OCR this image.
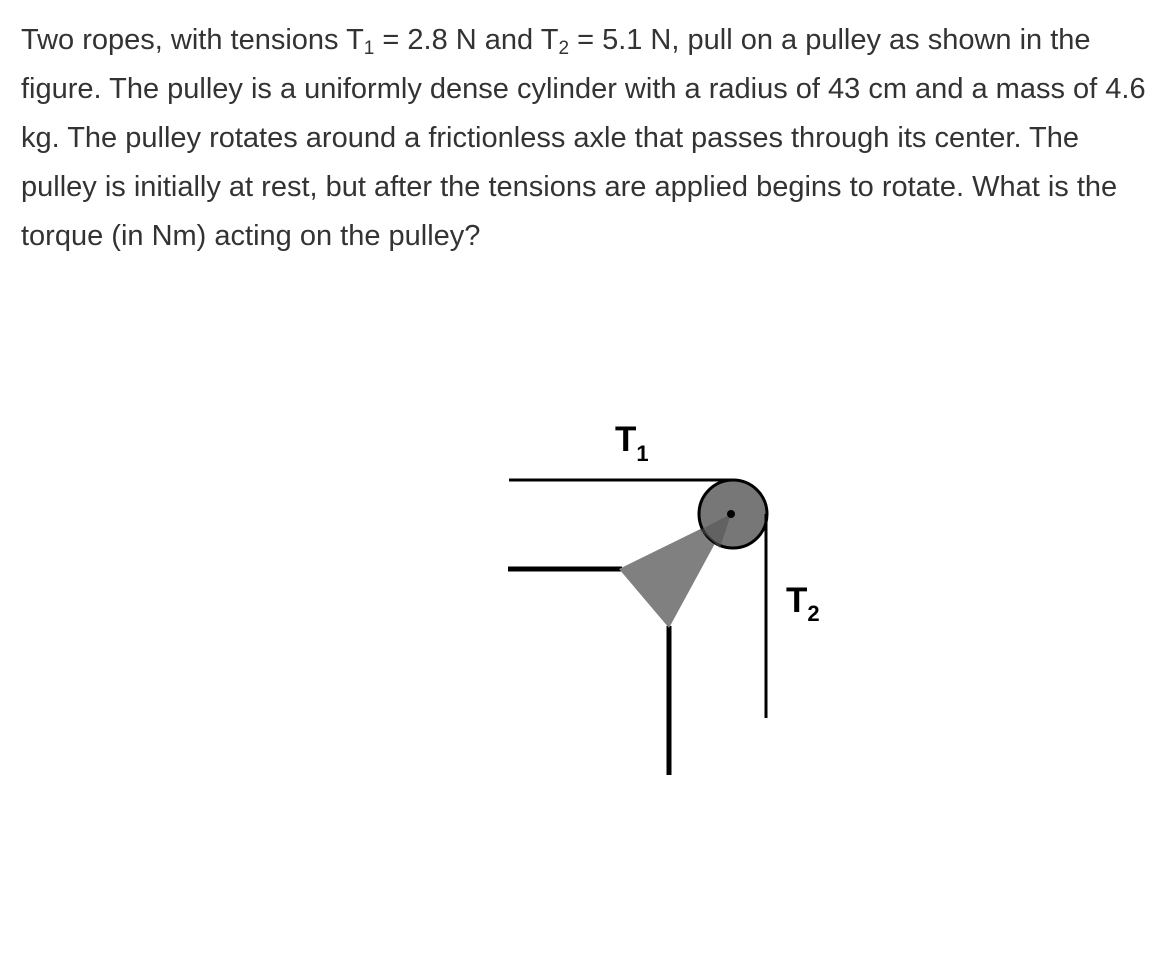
Two ropes, with tensions $T_1 = 2.8$ N and $T_2 = 5.1$ N, pull on a pulley as shown in the figure. The pulley is a uniformly dense cylinder with a radius of 43 cm and a mass of 4.6 kg. The pulley rotates around a frictionless axle that passes through its center. The pulley is initially at rest, but after the tensions are applied begins to rotate. What is the torque (in Nm) acting on the pulley?

$T_1$
$T_2$
